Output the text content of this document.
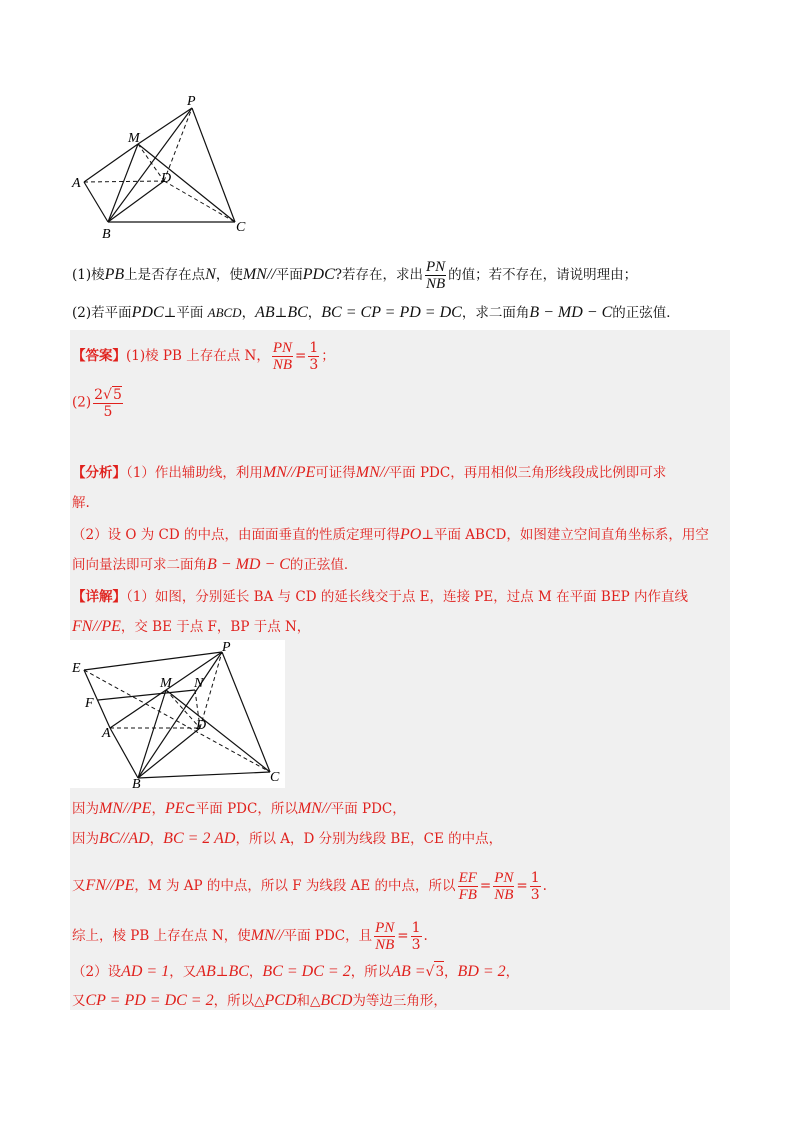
P
M
A	D
B	C
(1)棱PB上是否存在点N，使MN//平面PDC?若存在，求出 $\frac{PN}{NB}$ 的值；若不存在，请说明理由；
(2)若平面PDC⊥平面 ABCD，AB⊥BC，BC = CP = PD = DC，求二面角B − MD − C的正弦值．
【答案】(1)棱 PB 上存在点 N， $\frac{PN}{NB} = \frac{1}{3}$ ；
$(2) \frac{2√5}{5}$
【分析】（1）作出辅助线，利用MN//PE可证得MN//平面 PDC，再用相似三角形线段成比例即可求
解.
（2）设 O 为 CD 的中点，由面面垂直的性质定理可得PO⊥平面 ABCD，如图建立空间直角坐标系，用空
间向量法即可求二面角B − MD − C的正弦值．
【详解】（1）如图，分别延长 BA 与 CD 的延长线交于点 E，连接 PE，过点 M 在平面 BEP 内作直线
FN//PE，交 BE 于点 F，BP 于点 N，
P
E
M N
F
A
D
B	C
因为MN//PE，PE⊂平面 PDC，所以MN//平面 PDC，
因为BC//AD，BC = 2 AD，所以 A，D 分别为线段 BE，CE 的中点，
又FN//PE，M 为 AP 的中点，所以 F 为线段 AE 的中点，所以 $\frac{EF}{FB} = \frac{PN}{NB} = \frac{1}{3}$ .
综上，棱 PB 上存在点 N，使MN//平面 PDC，且 $\frac{PN}{NB} = \frac{1}{3}$ .
（2）设AD = 1，又AB⊥BC，BC = DC = 2，所以AB =√3，BD = 2，
又CP = PD = DC = 2，所以△PCD和△BCD为等边三角形，
